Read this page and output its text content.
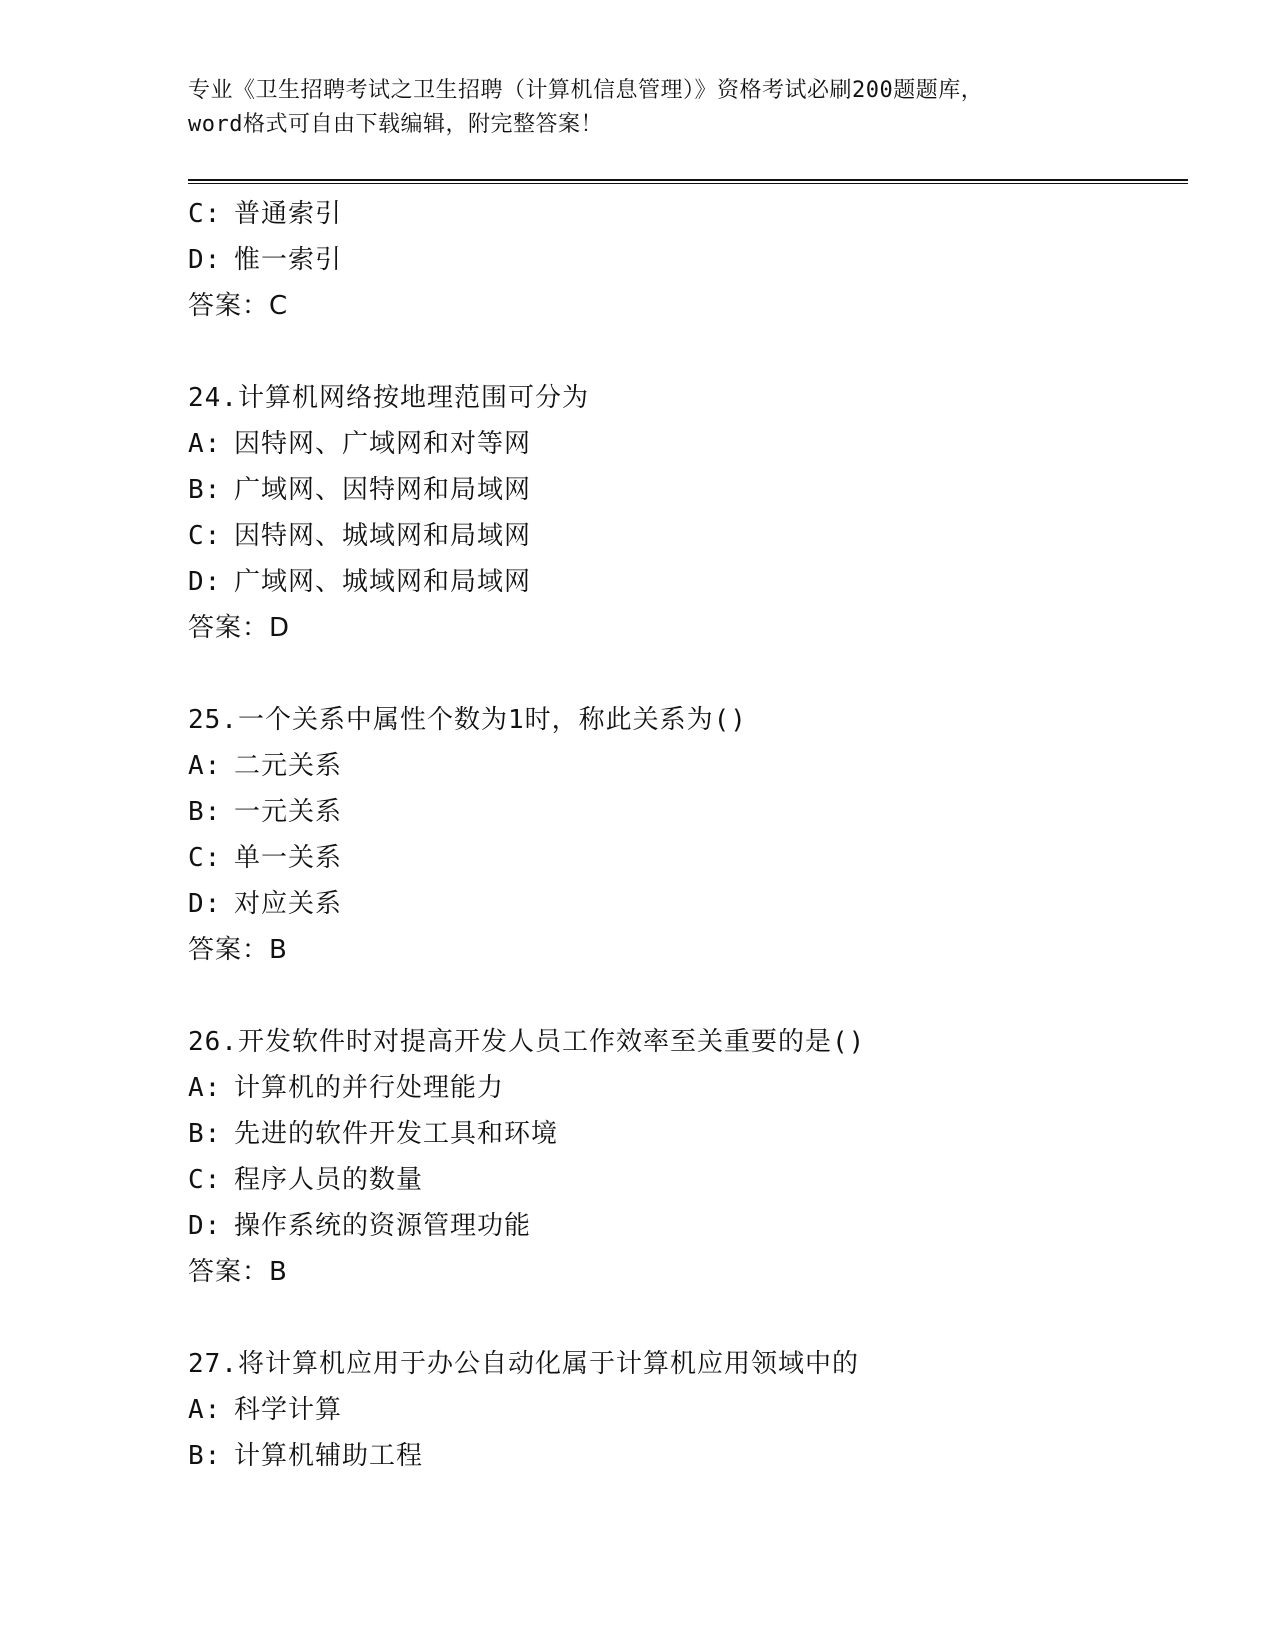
专业《卫生招聘考试之卫生招聘（计算机信息管理）》资格考试必刷200题题库，
word格式可自由下载编辑，附完整答案！
C: 普通索引
D: 惟一索引
答案：C
24.计算机网络按地理范围可分为
A: 因特网、广域网和对等网
B: 广域网、因特网和局域网
C: 因特网、城域网和局域网
D: 广域网、城域网和局域网
答案：D
25.一个关系中属性个数为1时，称此关系为()
A: 二元关系
B: 一元关系
C: 单一关系
D: 对应关系
答案：B
26.开发软件时对提高开发人员工作效率至关重要的是()
A: 计算机的并行处理能力
B: 先进的软件开发工具和环境
C: 程序人员的数量
D: 操作系统的资源管理功能
答案：B
27.将计算机应用于办公自动化属于计算机应用领域中的
A: 科学计算
B: 计算机辅助工程
